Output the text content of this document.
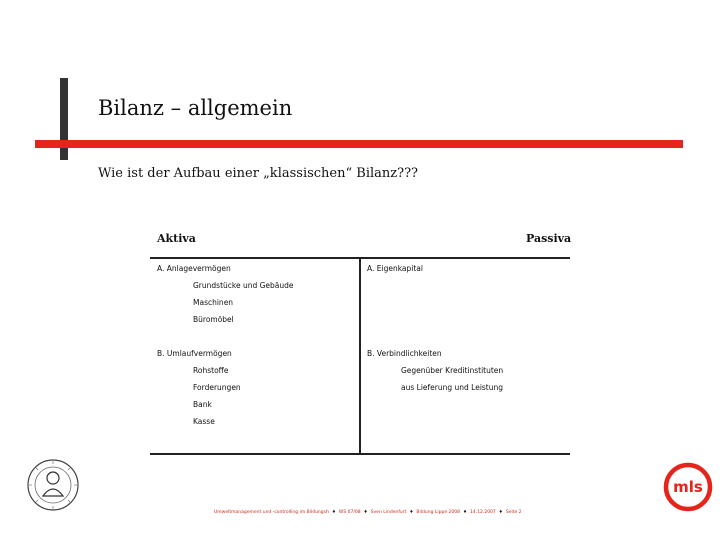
Bilanz – allgemein
Wie ist der Aufbau einer „klassischen“ Bilanz???
Aktiva	Passiva
A. Anlagevermögen
Grundstücke und Gebäude
Maschinen
Büromöbel
B. Umlaufvermögen
Rohstoffe
Forderungen
Bank
Kasse
A. Eigenkapital
B. Verbindlichkeiten
Gegenüber Kreditinstituten
aus Lieferung und Leistung
Umweltmanagement und -controlling im Bildungsh ♦ WS 07/08 ♦ Sven Lindenfurt ♦ Bildung Lippe 2008 ♦ 14.12.2007 ♦ Seite 2
mls
